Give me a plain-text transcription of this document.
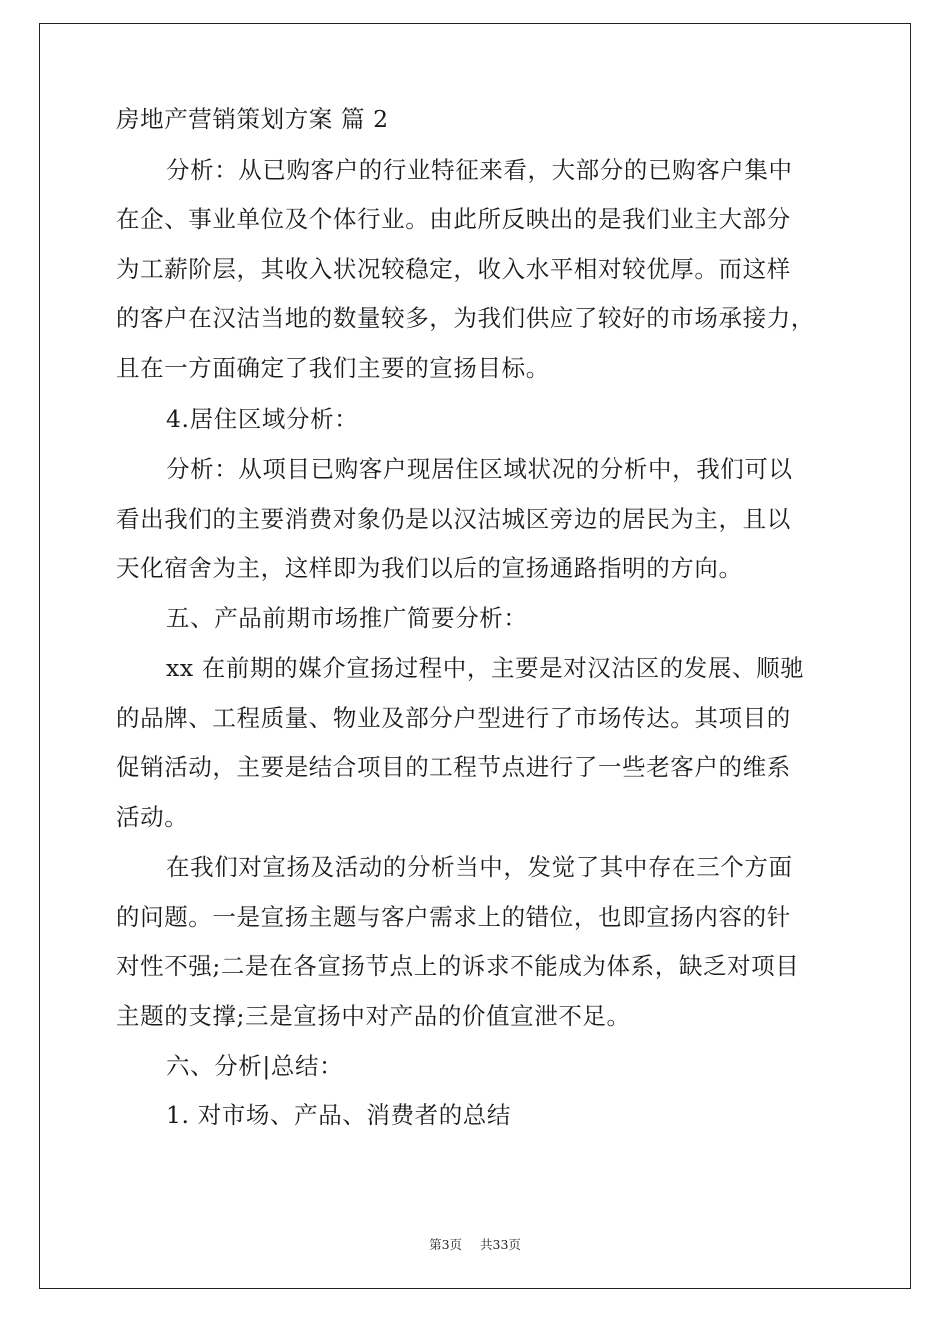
房地产营销策划方案 篇 2
分析：从已购客户的行业特征来看，大部分的已购客户集中
在企、事业单位及个体行业。由此所反映出的是我们业主大部分
为工薪阶层，其收入状况较稳定，收入水平相对较优厚。而这样
的客户在汉沽当地的数量较多，为我们供应了较好的市场承接力，
且在一方面确定了我们主要的宣扬目标。
4.居住区域分析：
分析：从项目已购客户现居住区域状况的分析中，我们可以
看出我们的主要消费对象仍是以汉沽城区旁边的居民为主，且以
天化宿舍为主，这样即为我们以后的宣扬通路指明的方向。
五、产品前期市场推广简要分析：
xx 在前期的媒介宣扬过程中，主要是对汉沽区的发展、顺驰
的品牌、工程质量、物业及部分户型进行了市场传达。其项目的
促销活动，主要是结合项目的工程节点进行了一些老客户的维系
活动。
在我们对宣扬及活动的分析当中，发觉了其中存在三个方面
的问题。一是宣扬主题与客户需求上的错位，也即宣扬内容的针
对性不强;二是在各宣扬节点上的诉求不能成为体系，缺乏对项目
主题的支撑;三是宣扬中对产品的价值宣泄不足。
六、分析|总结：
1. 对市场、产品、消费者的总结
第3页 共33页
